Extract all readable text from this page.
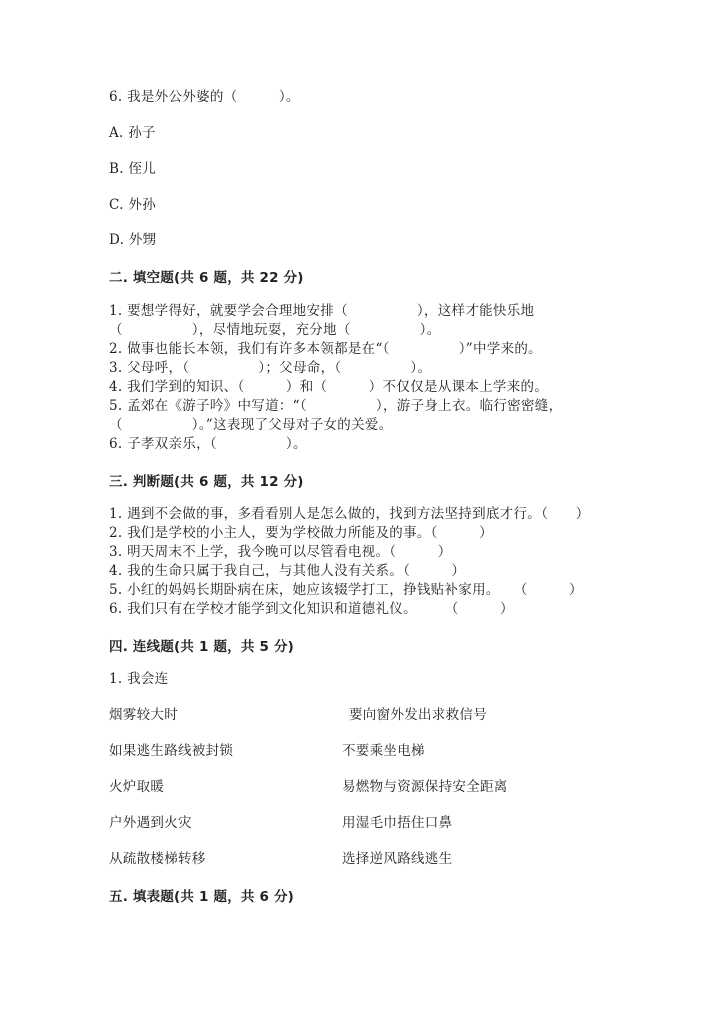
6. 我是外公外婆的（　　　）。
A. 孙子
B. 侄儿
C. 外孙
D. 外甥
二. 填空题(共 6 题，共 22 分)
1. 要想学得好，就要学会合理地安排（　　　　　），这样才能快乐地
（　　　　　），尽情地玩耍，充分地（　　　　　）。
2. 做事也能长本领，我们有许多本领都是在“（　　　　　）”中学来的。
3. 父母呼，（　　　　　）；父母命，（　　　　　）。
4. 我们学到的知识、（　　　）和（　　　）不仅仅是从课本上学来的。
5. 孟郊在《游子吟》中写道：“（　　　　　），游子身上衣。临行密密缝，
（　　　　　）。”这表现了父母对子女的关爱。
6. 子孝双亲乐，（　　　　　）。
三. 判断题(共 6 题，共 12 分)
1. 遇到不会做的事，多看看别人是怎么做的，找到方法坚持到底才行。（　　）
2. 我们是学校的小主人，要为学校做力所能及的事。（　　　）
3. 明天周末不上学，我今晚可以尽管看电视。（　　　）
4. 我的生命只属于我自己，与其他人没有关系。（　　　）
5. 小红的妈妈长期卧病在床，她应该辍学打工，挣钱贴补家用。　　（　　　）
6. 我们只有在学校才能学到文化知识和道德礼仪。　　　（　　　）
四. 连线题(共 1 题，共 5 分)
1. 我会连
烟雾较大时	要向窗外发出求救信号
如果逃生路线被封锁	不要乘坐电梯
火炉取暖	易燃物与资源保持安全距离
户外遇到火灾	用湿毛巾捂住口鼻
从疏散楼梯转移	选择逆风路线逃生
五. 填表题(共 1 题，共 6 分)
